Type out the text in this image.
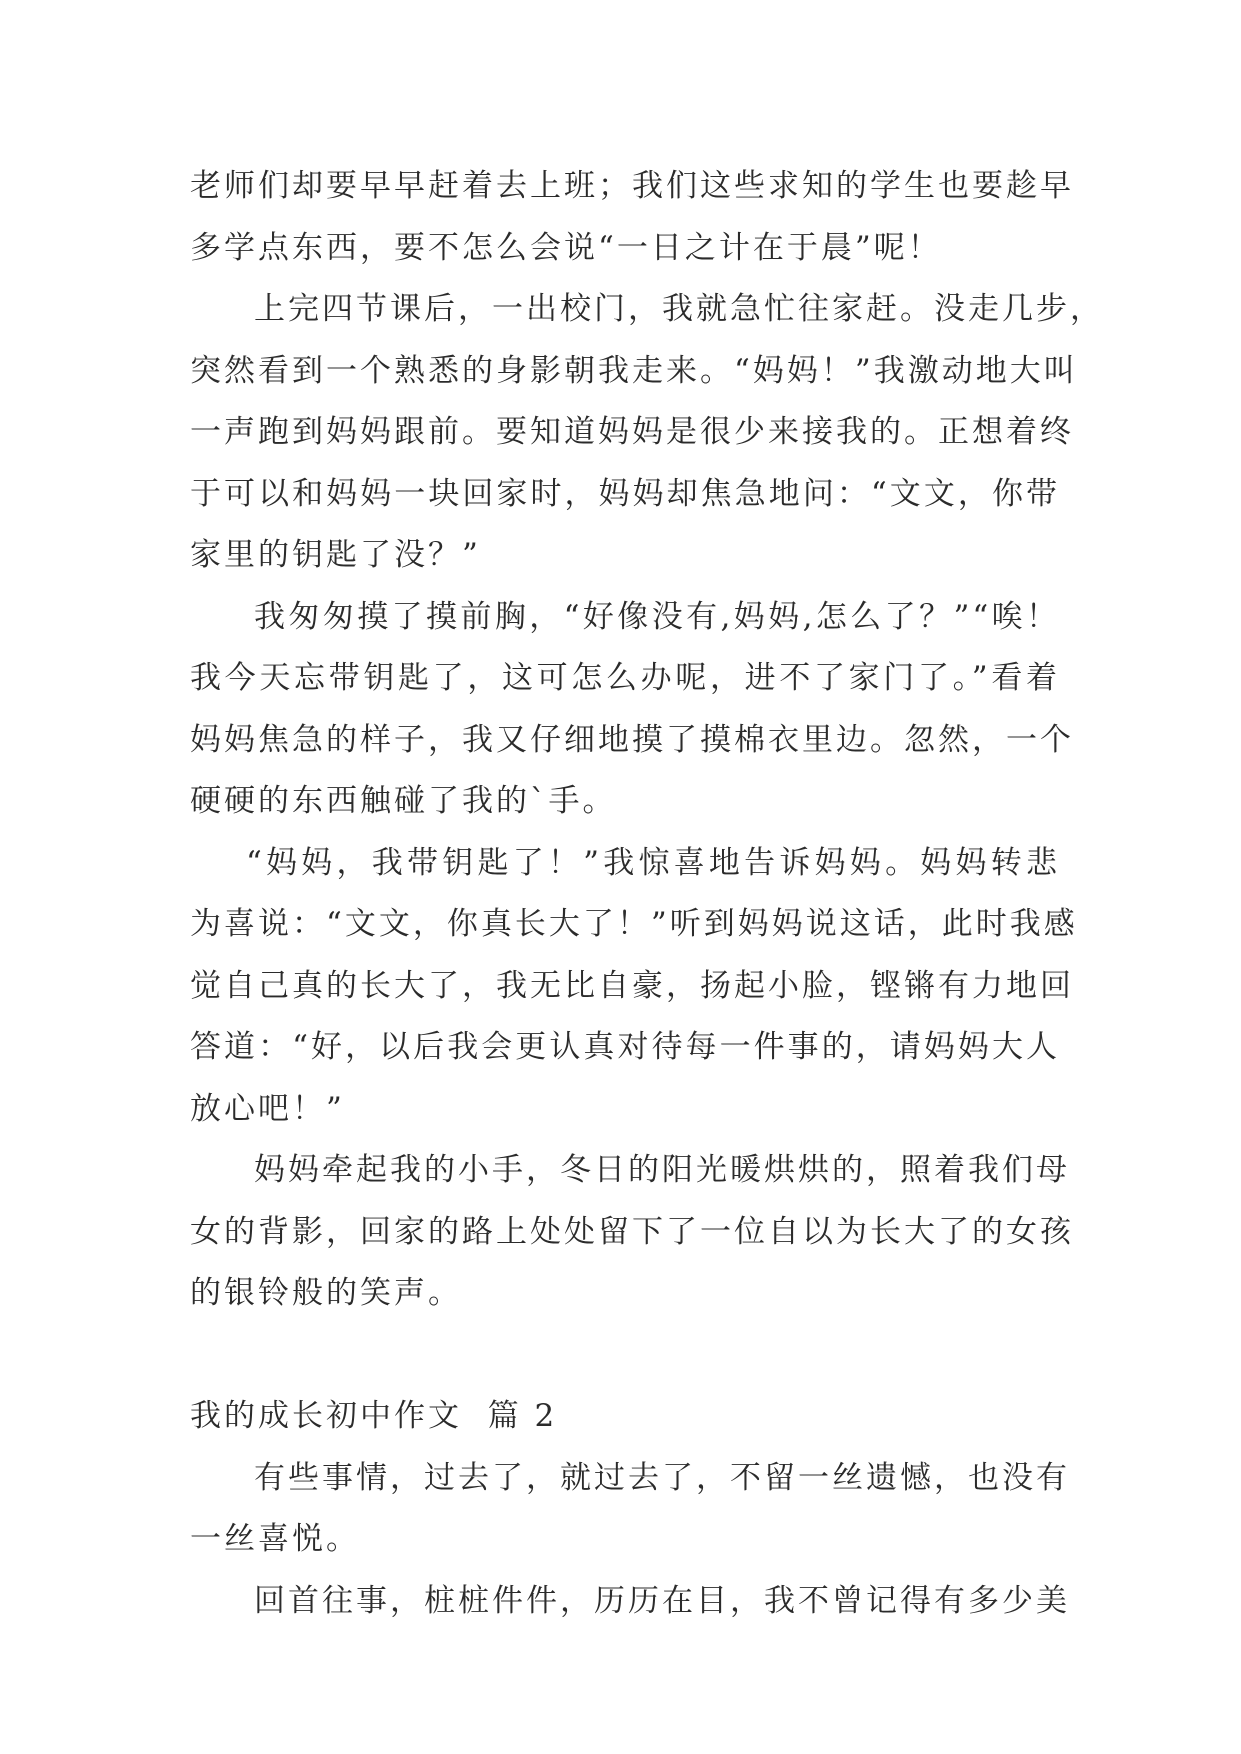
老师们却要早早赶着去上班；我们这些求知的学生也要趁早
多学点东西，要不怎么会说“一日之计在于晨”呢！

上完四节课后，一出校门，我就急忙往家赶。没走几步，
突然看到一个熟悉的身影朝我走来。“妈妈！”我激动地大叫
一声跑到妈妈跟前。要知道妈妈是很少来接我的。正想着终
于可以和妈妈一块回家时，妈妈却焦急地问：“文文，你带
家里的钥匙了没？”

我匆匆摸了摸前胸，“好像没有,妈妈,怎么了？”“唉！
我今天忘带钥匙了，这可怎么办呢，进不了家门了。”看着
妈妈焦急的样子，我又仔细地摸了摸棉衣里边。忽然，一个
硬硬的东西触碰了我的`手。

“妈妈，我带钥匙了！”我惊喜地告诉妈妈。妈妈转悲
为喜说：“文文，你真长大了！”听到妈妈说这话，此时我感
觉自己真的长大了，我无比自豪，扬起小脸，铿锵有力地回
答道：“好，以后我会更认真对待每一件事的，请妈妈大人
放心吧！”

妈妈牵起我的小手，冬日的阳光暖烘烘的，照着我们母
女的背影，回家的路上处处留下了一位自以为长大了的女孩
的银铃般的笑声。

我的成长初中作文  篇 2

有些事情，过去了，就过去了，不留一丝遗憾，也没有
一丝喜悦。

回首往事，桩桩件件，历历在目，我不曾记得有多少美
